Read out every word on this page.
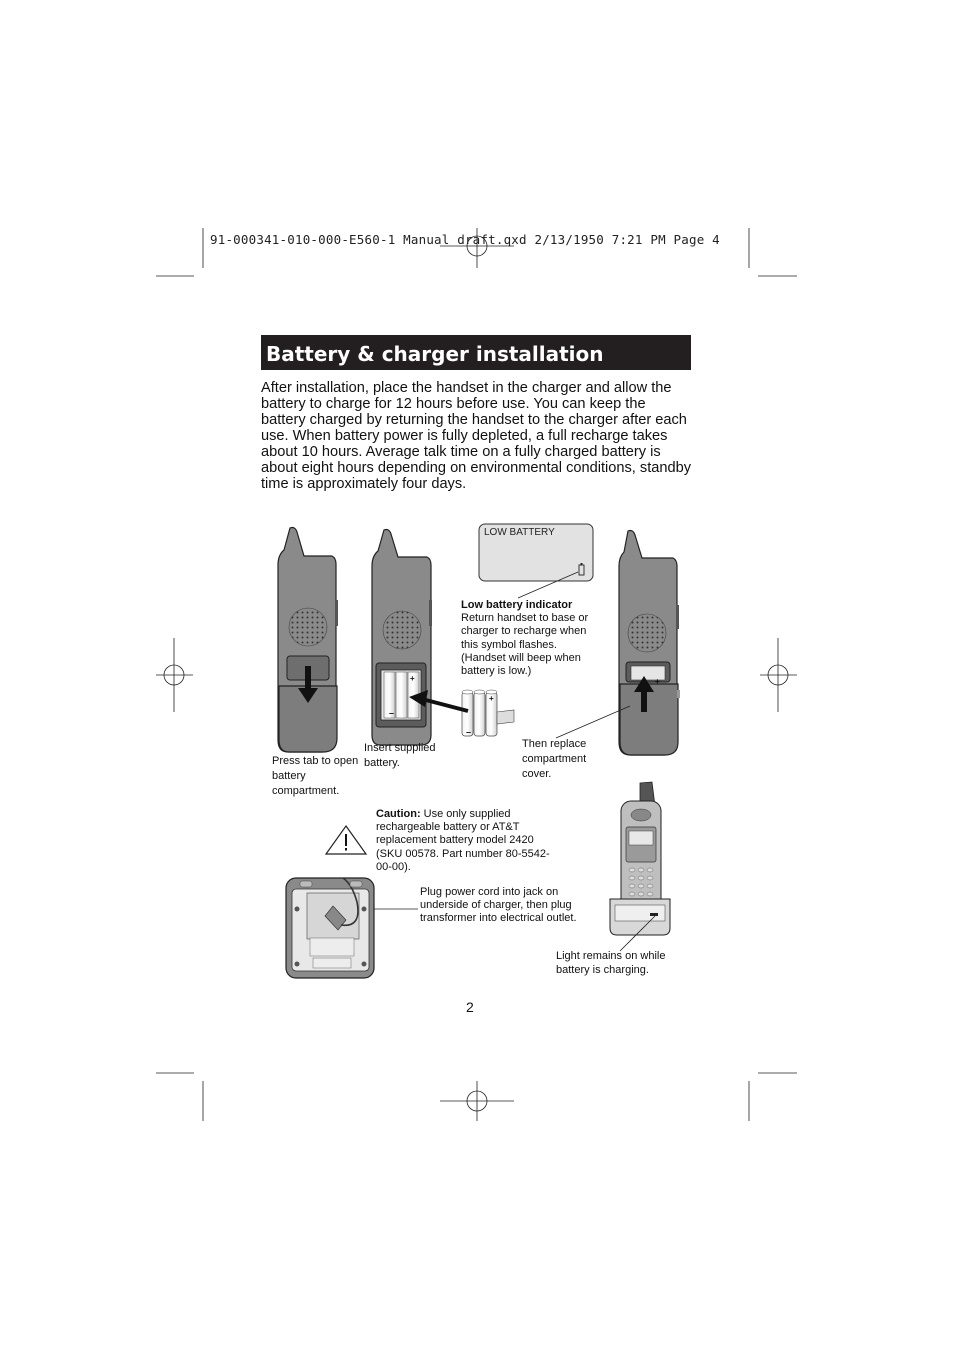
91-000341-010-000-E560-1 Manual draft.qxd 2/13/1950 7:21 PM Page 4
Battery & charger installation
After installation, place the handset in the charger and allow the battery to charge for 12 hours before use. You can keep the battery charged by returning the handset to the charger after each use. When battery power is fully depleted, a full recharge takes about 10 hours. Average talk time on a fully charged battery is about eight hours depending on environmental conditions, standby time is approximately four days.
+
–
+
–
+
LOW BATTERY
Press tab to open battery compartment.
Insert supplied battery.
Low battery indicator
Return handset to base or charger to recharge when this symbol flashes. (Handset will beep when battery is low.)
Then replace compartment cover.
Caution: Use only supplied rechargeable battery or AT&T replacement battery model 2420 (SKU 00578. Part number 80-5542-00-00).
Plug power cord into jack on underside of charger, then plug transformer into electrical outlet.
Light remains on while battery is charging.
2
